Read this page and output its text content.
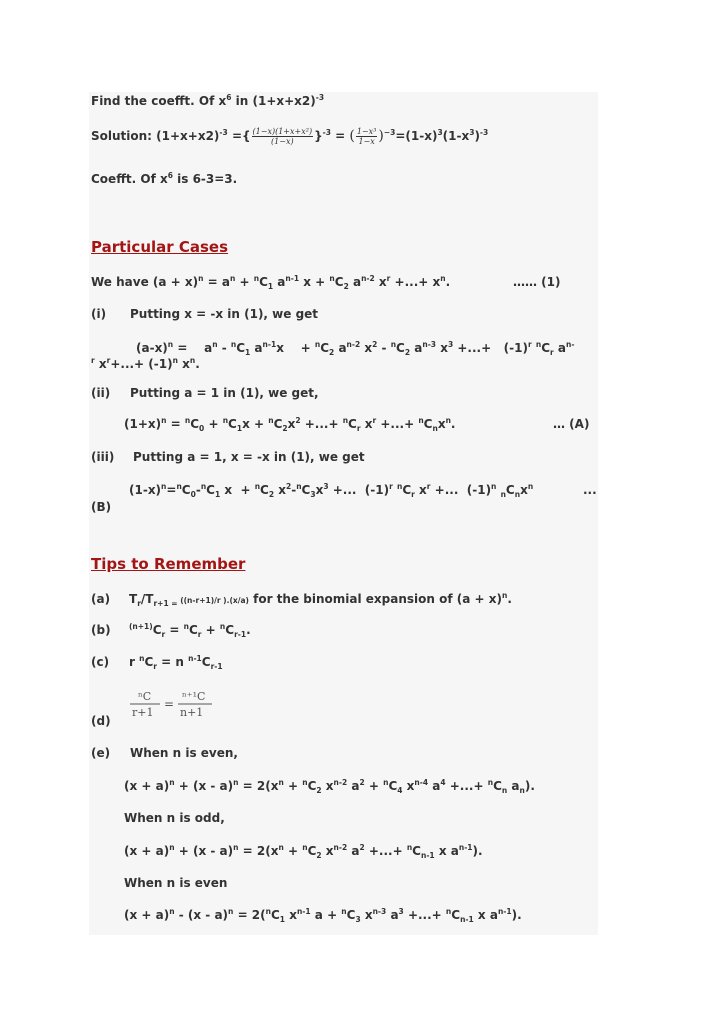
Find the coefft. Of $x^6$ in $(1+x+x2)^{-3}$
Solution: $(1+x+x2)^{-3}$ ={ $\frac{\text{(1−x)(1+x+x²)}}{(1-x)} \}^{-3}$ = ( $\frac{\text{1−x³}}{1-x} )^{-3}=(1-x)^3(1-x^3)^{-3}$
Coefft. Of $x^6$ is 6-3=3.
Particular Cases
We have $(a + x)^n = a^n + ^nC_1$ $a^{n-1}$ $x + ^nC_2$ $a^{n-2}$ $x^r$ +...+ $x^n$.	…… (1)
(i) Putting x = -x in (1), we get
$(a-x)^n$ =    $a^n - ^nC_1$ $a^{n-1}x$    + $^nC_2$ $a^{n-2}$ $x^2 - ^nC_2$ $a^{n-3}$ $x^3$ +...+   $(-1)^r$ $^nC_r$ $a^{n-}$
$^r$ $x^r+...+ (-1)^n$ $x^n$.
(ii) Putting a = 1 in (1), we get,
$(1+x)^n = ^nC_0 + ^nC_1x + ^nC_2x^2$ +...+ $^nC_r$ $x^r$ +...+ $^nC_nx^n$.	… (A)
(iii) Putting a = 1, x = -x in (1), we get
$(1-x)^n=^nC_0-^nC_1$ $x + ^nC_2$ $x^2-^nC_3x^3$ +...  $(-1)^r$ $^nC_r$ $x^r$ +...  $(-1)^n$ $_nC_nx^n$	...
(B)
Tips to Remember
(a) $T_r/T_{r+1 =}$ ((n-r+1)/r ).(x/a) for the binomial expansion of $(a + x)^n$.
(b) $^{(n+1)}C_r = ^nC_r + ^nC_{r-1}$.
(c) r $^nC_r = n$ $^{n-1}C_{r-1}$
ⁿC
r+1
=
ⁿ⁺¹C
n+1
(d)
(e) When n is even,
$(x + a)^n + (x - a)^n = 2(x^n + ^nC_2$ $x^{n-2}$ $a^2 + ^nC_4$ $x^{n-4}$ $a^4$ +...+ $^nC_n$ $a_n$).
When n is odd,
$(x + a)^n + (x - a)^n = 2(x^n + ^nC_2$ $x^{n-2}$ $a^2$ +...+ $^nC_{n-1}$ x $a^{n-1}$).
When n is even
$(x + a)^n - (x - a)^n = 2(^nC_1$ $x^{n-1}$ $a + ^nC_3$ $x^{n-3}$ $a^3$ +...+ $^nC_{n-1}$ x $a^{n-1}$).
